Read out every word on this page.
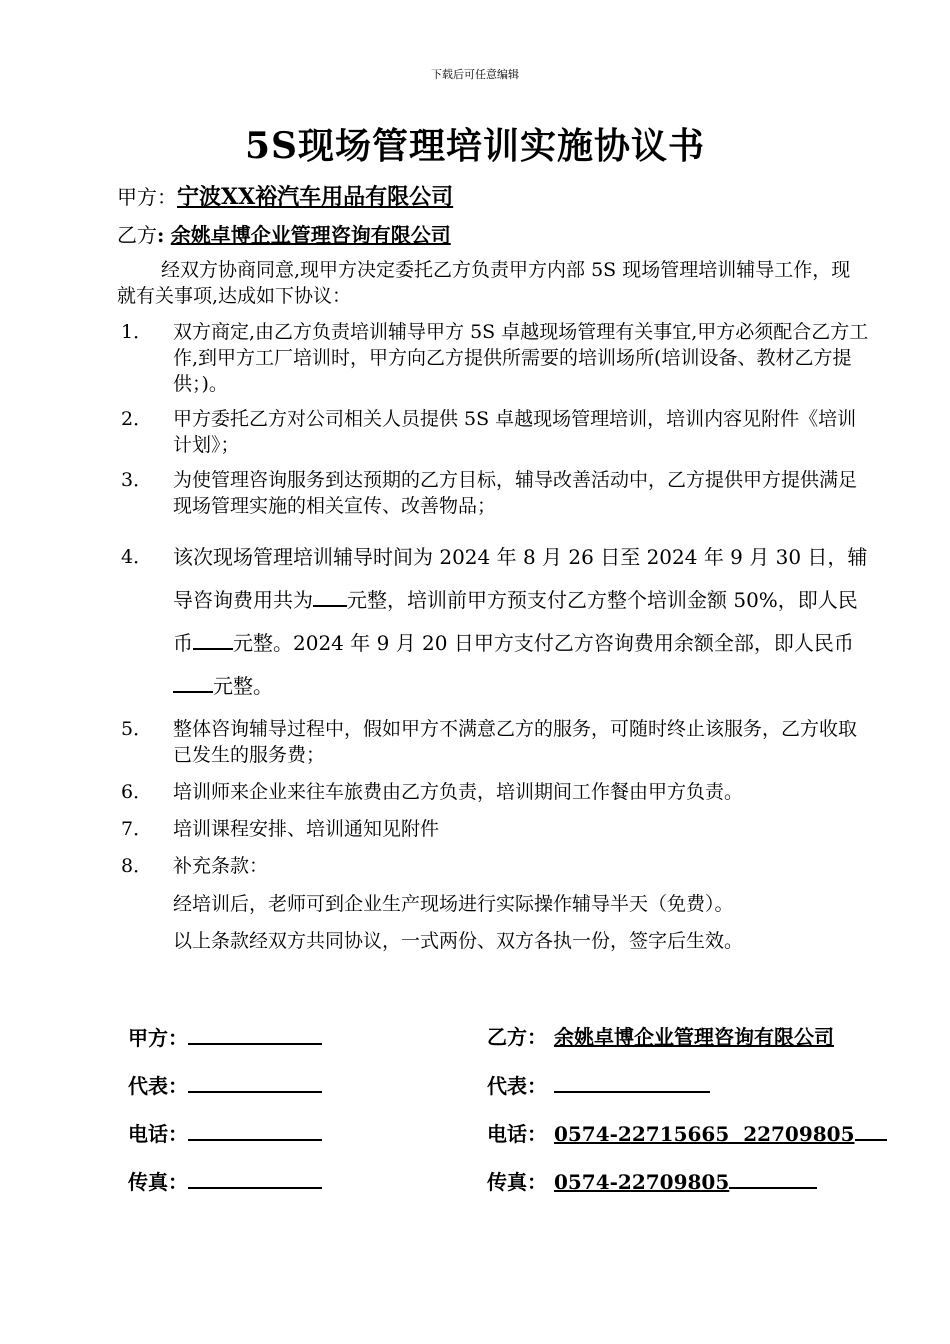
下载后可任意编辑
5S现场管理培训实施协议书
甲方：宁波XX裕汽车用品有限公司
乙方: 余姚卓博企业管理咨询有限公司
经双方协商同意,现甲方决定委托乙方负责甲方内部 5S 现场管理培训辅导工作，现就有关事项,达成如下协议：
1． 双方商定,由乙方负责培训辅导甲方 5S 卓越现场管理有关事宜,甲方必须配合乙方工作,到甲方工厂培训时，甲方向乙方提供所需要的培训场所(培训设备、教材乙方提供；)。
2． 甲方委托乙方对公司相关人员提供 5S 卓越现场管理培训，培训内容见附件《培训计划》；
3． 为使管理咨询服务到达预期的乙方目标，辅导改善活动中，乙方提供甲方提供满足现场管理实施的相关宣传、改善物品；
4． 该次现场管理培训辅导时间为 2024 年 8 月 26 日至 2024 年 9 月 30 日，辅导咨询费用共为 元整，培训前甲方预支付乙方整个培训金额 50%，即人民币 元整。2024 年 9 月 20 日甲方支付乙方咨询费用余额全部，即人民币元整。
5． 整体咨询辅导过程中，假如甲方不满意乙方的服务，可随时终止该服务，乙方收取已发生的服务费；
6． 培训师来企业来往车旅费由乙方负责，培训期间工作餐由甲方负责。
7． 培训课程安排、培训通知见附件
8． 补充条款：
经培训后，老师可到企业生产现场进行实际操作辅导半天（免费）。
以上条款经双方共同协议，一式两份、双方各执一份，签字后生效。
甲方：
代表：
电话：
传真：
乙方： 余姚卓博企业管理咨询有限公司
代表：
电话： 0574-22715665  22709805
传真： 0574-22709805
